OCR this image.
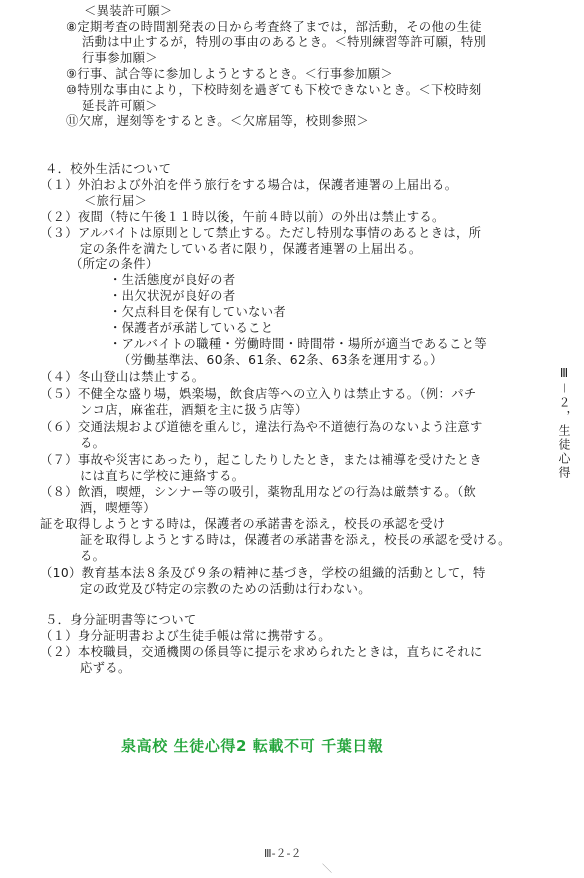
＜異装許可願＞

⑧定期考査の時間割発表の日から考査終了までは，部活動，その他の生徒

活動は中止するが，特別の事由のあるとき。＜特別練習等許可願，特別

行事参加願＞

⑨行事、試合等に参加しようとするとき。＜行事参加願＞

⑩特別な事由により，下校時刻を過ぎても下校できないとき。＜下校時刻

延長許可願＞

⑪欠席，遅刻等をするとき。＜欠席届等，校則参照＞

４．校外生活について

（１）外泊および外泊を伴う旅行をする場合は，保護者連署の上届出る。

＜旅行届＞

（２）夜間（特に午後１１時以後，午前４時以前）の外出は禁止する。

（３）アルバイトは原則として禁止する。ただし特別な事情のあるときは，所

定の条件を満たしている者に限り，保護者連署の上届出る。

（所定の条件）

・生活態度が良好の者

・出欠状況が良好の者

・欠点科目を保有していない者

・保護者が承諾していること

・アルバイトの職種・労働時間・時間帯・場所が適当であること等

（労働基準法、60条、61条、62条、63条を運用する。）

（４）冬山登山は禁止する。

（５）不健全な盛り場，娯楽場，飲食店等への立入りは禁止する。（例：パチ

ンコ店，麻雀荘，酒類を主に扱う店等）

（６）交通法規および道徳を重んじ，違法行為や不道徳行為のないよう注意す

る。

（７）事故や災害にあったり，起こしたりしたとき，または補導を受けたとき

には直ちに学校に連絡する。

（８）飲酒，喫煙，シンナー等の吸引，薬物乱用などの行為は厳禁する。（飲

酒，喫煙等）

証を取得しようとする時は，保護者の承諾書を添え，校長の承認を受け

証を取得しようとする時は，保護者の承諾書を添え，校長の承認を受ける。

る。

（10）教育基本法８条及び９条の精神に基づき，学校の組織的活動として，特

定の政党及び特定の宗教のための活動は行わない。

５．身分証明書等について

（１）身分証明書および生徒手帳は常に携帯する。

（２）本校職員，交通機関の係員等に提示を求められたときは，直ちにそれに

応ずる。

Ⅲ－２，生徒心得
泉高校 生徒心得2 転載不可 千葉日報
Ⅲ-２-２
＼
